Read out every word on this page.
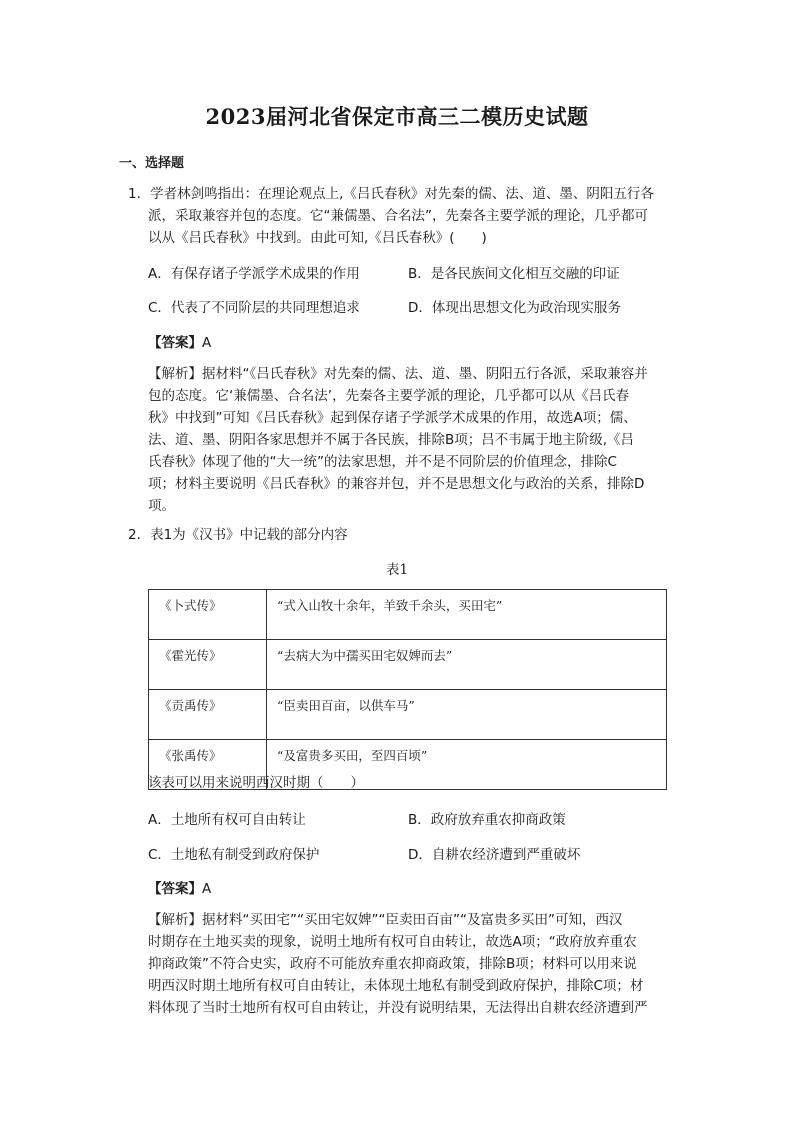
2023届河北省保定市高三二模历史试题
一、选择题
1．学者林剑鸣指出：在理论观点上,《吕氏春秋》对先秦的儒、法、道、墨、阴阳五行各
派，采取兼容并包的态度。它“兼儒墨、合名法”，先秦各主要学派的理论，几乎都可
以从《吕氏春秋》中找到。由此可知,《吕氏春秋》(　　)
A．有保存诸子学派学术成果的作用	B．是各民族间文化相互交融的印证
C．代表了不同阶层的共同理想追求	D．体现出思想文化为政治现实服务
【答案】A
【解析】据材料“《吕氏春秋》对先秦的儒、法、道、墨、阴阳五行各派，采取兼容并
包的态度。它‘兼儒墨、合名法’，先秦各主要学派的理论，几乎都可以从《吕氏春
秋》中找到”可知《吕氏春秋》起到保存诸子学派学术成果的作用，故选A项；儒、
法、道、墨、阴阳各家思想并不属于各民族，排除B项；吕不韦属于地主阶级,《吕
氏春秋》体现了他的“大一统”的法家思想，并不是不同阶层的价值理念，排除C
项；材料主要说明《吕氏春秋》的兼容并包，并不是思想文化与政治的关系，排除D
项。
2．表1为《汉书》中记载的部分内容
表1
《卜式传》	“式入山牧十余年，羊致千余头，买田宅”
《霍光传》	“去病大为中孺买田宅奴婢而去”
《贡禹传》	“臣卖田百亩，以供车马”
《张禹传》	“及富贵多买田，至四百顷”
该表可以用来说明西汉时期（　　）
A．土地所有权可自由转让	B．政府放弃重农抑商政策
C．土地私有制受到政府保护	D．自耕农经济遭到严重破坏
【答案】A
【解析】据材料“买田宅”“买田宅奴婢”“臣卖田百亩”“及富贵多买田”可知，西汉
时期存在土地买卖的现象，说明土地所有权可自由转让，故选A项；“政府放弃重农
抑商政策”不符合史实，政府不可能放弃重农抑商政策，排除B项；材料可以用来说
明西汉时期土地所有权可自由转让，未体现土地私有制受到政府保护，排除C项；材
料体现了当时土地所有权可自由转让，并没有说明结果，无法得出自耕农经济遭到严
